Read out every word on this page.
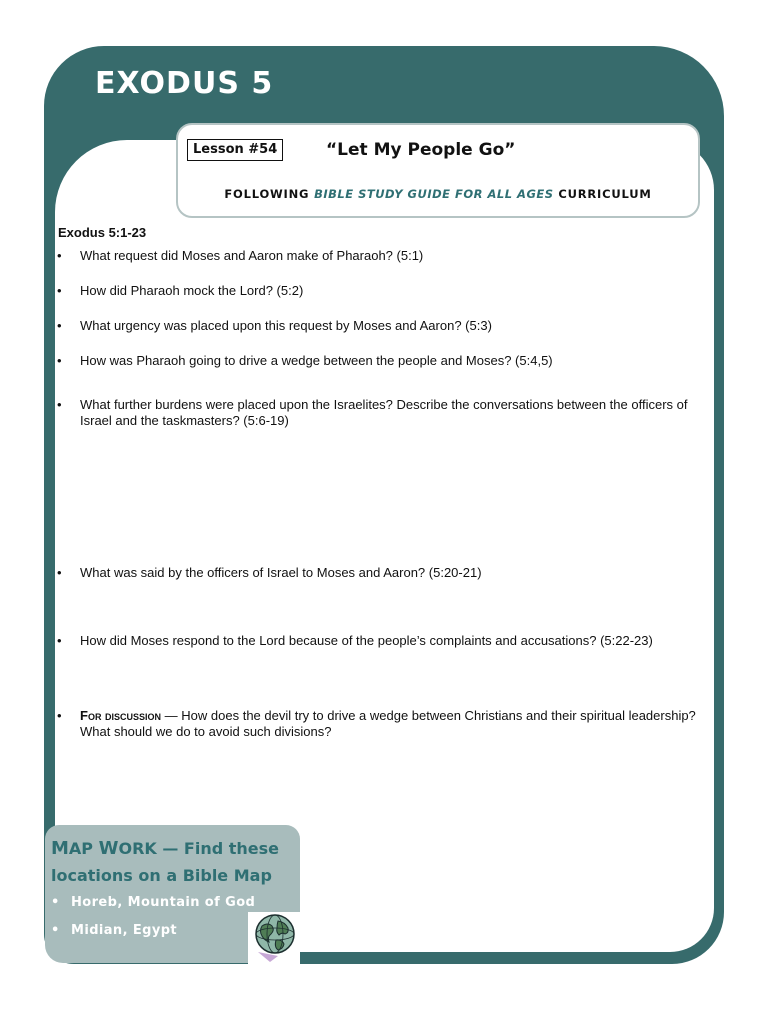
EXODUS 5
Lesson #54	“Let My People Go”
FOLLOWING BIBLE STUDY GUIDE FOR ALL AGES CURRICULUM

Exodus 5:1-23

•	What request did Moses and Aaron make of Pharaoh? (5:1)
•	How did Pharaoh mock the Lord? (5:2)
•	What urgency was placed upon this request by Moses and Aaron? (5:3)
•	How was Pharaoh going to drive a wedge between the people and Moses? (5:4,5)
•	What further burdens were placed upon the Israelites? Describe the conversations between the officers of Israel and the taskmasters? (5:6-19)
•	What was said by the officers of Israel to Moses and Aaron? (5:20-21)
•	How did Moses respond to the Lord because of the people’s complaints and accusations? (5:22-23)
•	For discussion — How does the devil try to drive a wedge between Christians and their spiritual leadership? What should we do to avoid such divisions?
MAP WORK — Find these
locations on a Bible Map
• Horeb, Mountain of God
• Midian, Egypt
